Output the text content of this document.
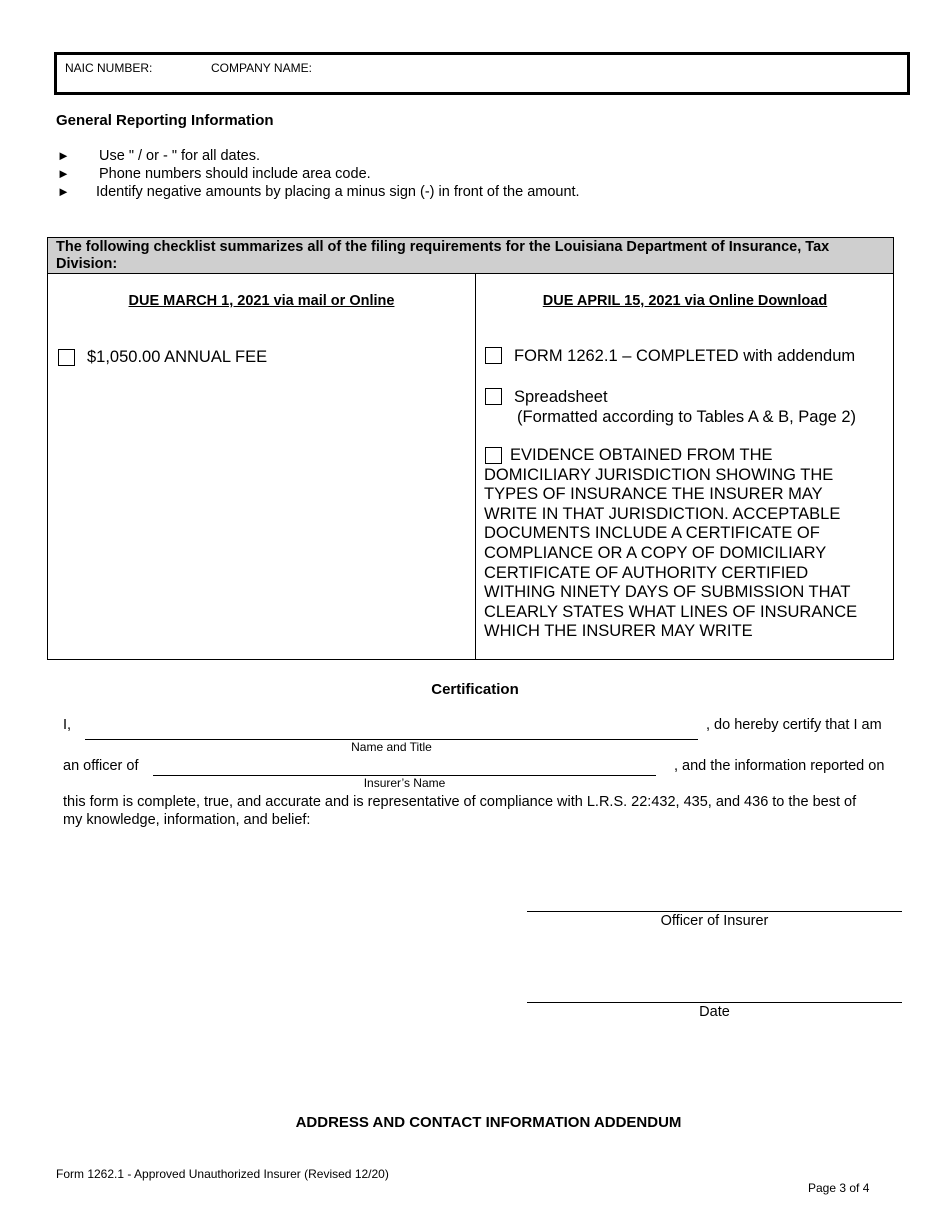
NAIC NUMBER:	COMPANY NAME:
General Reporting Information
► Use " / or - " for all dates.
► Phone numbers should include area code.
► Identify negative amounts by placing a minus sign (-) in front of the amount.
The following checklist summarizes all of the filing requirements for the Louisiana Department of Insurance, Tax Division:
DUE MARCH 1, 2021 via mail or Online
$1,050.00 ANNUAL FEE
DUE APRIL 15, 2021 via Online Download
FORM 1262.1 – COMPLETED with addendum
Spreadsheet
(Formatted according to Tables A & B, Page 2)
EVIDENCE OBTAINED FROM THE
DOMICILIARY JURISDICTION SHOWING THE
TYPES OF INSURANCE THE INSURER MAY
WRITE IN THAT JURISDICTION. ACCEPTABLE
DOCUMENTS INCLUDE A CERTIFICATE OF
COMPLIANCE OR A COPY OF DOMICILIARY
CERTIFICATE OF AUTHORITY CERTIFIED
WITHING NINETY DAYS OF SUBMISSION THAT
CLEARLY STATES WHAT LINES OF INSURANCE
WHICH THE INSURER MAY WRITE
Certification
I,	, do hereby certify that I am
Name and Title
an officer of	, and the information reported on
Insurer’s Name
this form is complete, true, and accurate and is representative of compliance with L.R.S. 22:432, 435, and 436 to the best of
my knowledge, information, and belief:
Officer of Insurer
Date
ADDRESS AND CONTACT INFORMATION ADDENDUM
Form 1262.1 - Approved Unauthorized Insurer (Revised 12/20)
Page 3 of 4
